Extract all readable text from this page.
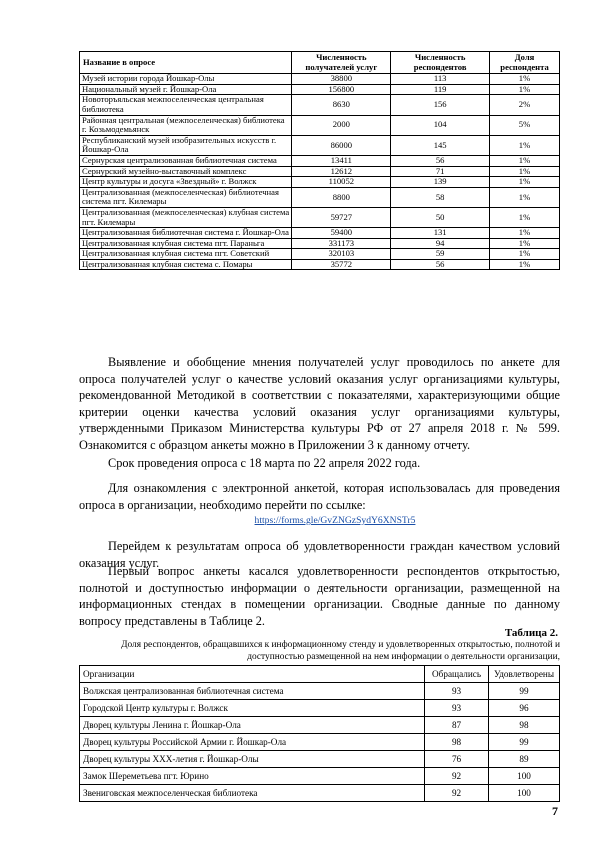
Название в опросе	Численность получателей услуг	Численность респондентов	Доля респондента
Музей истории города Йошкар-Олы	38800	113	1%
Национальный музей г. Йошкар-Ола	156800	119	1%
Новоторъяльская межпоселенческая центральная библиотека	8630	156	2%
Районная центральная (межпоселенческая) библиотека г. Козьмодемьянск	2000	104	5%
Республиканский музей изобразительных искусств г. Йошкар-Ола	86000	145	1%
Сернурская централизованная библиотечная система	13411	56	1%
Сернурский музейно-выставочный комплекс	12612	71	1%
Центр культуры и досуга «Звездный» г. Волжск	110052	139	1%
Централизованная (межпоселенческая) библиотечная система пгт. Килемары	8800	58	1%
Централизованная (межпоселенческая) клубная система пгт. Килемары	59727	50	1%
Централизованная библиотечная система г. Йошкар-Ола	59400	131	1%
Централизованная клубная система пгт. Параньга	331173	94	1%
Централизованная клубная система пгт. Советский	320103	59	1%
Централизованная клубная система с. Помары	35772	56	1%

Выявление и обобщение мнения получателей услуг проводилось по анкете для опроса получателей услуг о качестве условий оказания услуг организациями культуры, рекомендованной Методикой в соответствии с показателями, характеризующими общие критерии оценки качества условий оказания услуг организациями культуры, утвержденными Приказом Министерства культуры РФ от 27 апреля 2018 г. № 599. Ознакомится с образцом анкеты можно в Приложении 3 к данному отчету.

Срок проведения опроса с 18 марта по 22 апреля 2022 года.

Для ознакомления с электронной анкетой, которая использовалась для проведения опроса в организации, необходимо перейти по ссылке:

https://forms.gle/GvZNGzSydY6XNSTr5

Перейдем к результатам опроса об удовлетворенности граждан качеством условий оказания услуг.

Первый вопрос анкеты касался удовлетворенности респондентов открытостью, полнотой и доступностью информации о деятельности организации, размещенной на информационных стендах в помещении организации. Сводные данные по данному вопросу представлены в Таблице 2.

Таблица 2.
Доля респондентов, обращавшихся к информационному стенду и удовлетворенных открытостью, полнотой и доступностью размещенной на нем информации о деятельности организации,
Организации	Обращались	Удовлетворены
Волжская централизованная библиотечная система	93	99
Городской Центр культуры г. Волжск	93	96
Дворец культуры Ленина г. Йошкар-Ола	87	98
Дворец культуры Российской Армии г. Йошкар-Ола	98	99
Дворец культуры XXX-летия г. Йошкар-Олы	76	89
Замок Шереметьева пгт. Юрино	92	100
Звениговская межпоселенческая библиотека	92	100
7
